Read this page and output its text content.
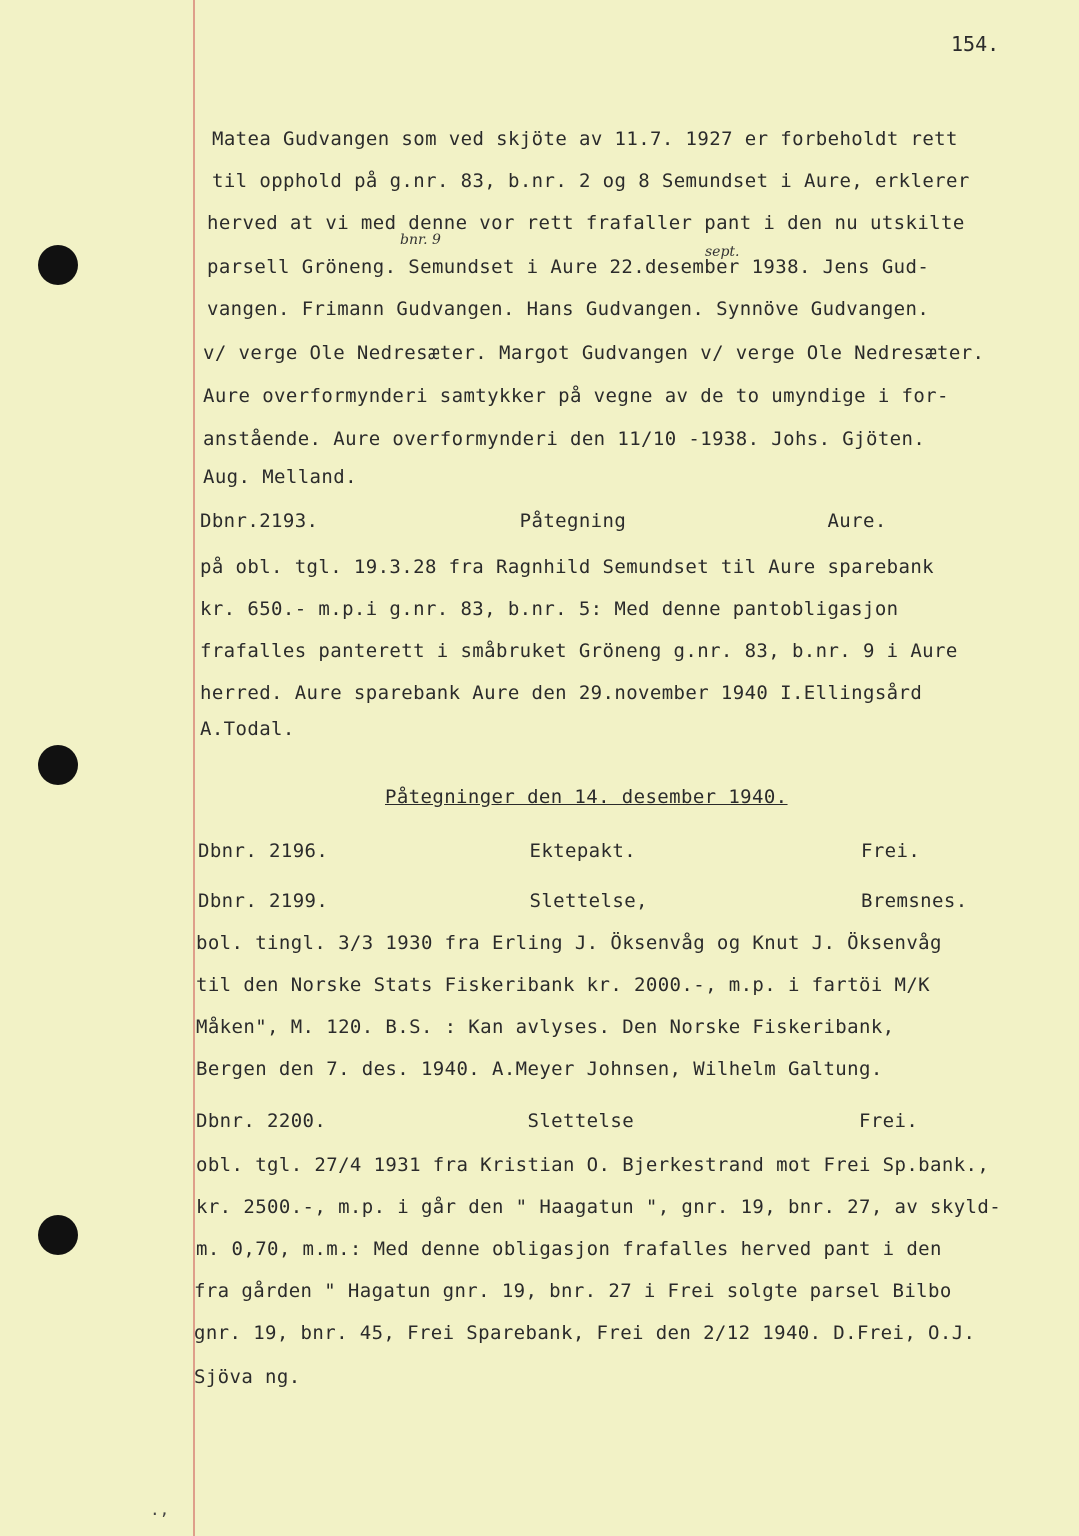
154.
bnr. 9
sept.
Matea Gudvangen som ved skjöte av 11.7. 1927 er forbeholdt rett
til opphold på g.nr. 83, b.nr. 2 og 8 Semundset i Aure, erklerer
herved at vi med denne vor rett frafaller pant i den nu utskilte
parsell Gröneng. Semundset i Aure 22.desember 1938. Jens Gud-
vangen. Frimann Gudvangen. Hans Gudvangen. Synnöve Gudvangen.
v/ verge Ole Nedresæter. Margot Gudvangen v/ verge Ole Nedresæter.
Aure overformynderi samtykker på vegne av de to umyndige i for-
anstående. Aure overformynderi den 11/10 -1938. Johs. Gjöten.
Aug. Melland.
Dbnr.2193.                 Påtegning                 Aure.
på obl. tgl. 19.3.28 fra Ragnhild Semundset til Aure sparebank
kr. 650.- m.p.i g.nr. 83, b.nr. 5: Med denne pantobligasjon
frafalles panterett i småbruket Gröneng g.nr. 83, b.nr. 9 i Aure
herred. Aure sparebank Aure den 29.november 1940 I.Ellingsård
A.Todal.
Påtegninger den 14. desember 1940.
Dbnr. 2196.                 Ektepakt.                   Frei.
Dbnr. 2199.                 Slettelse,                  Bremsnes.
bol. tingl. 3/3 1930 fra Erling J. Öksenvåg og Knut J. Öksenvåg
til den Norske Stats Fiskeribank kr. 2000.-, m.p. i fartöi M/K
Måken", M. 120. B.S. : Kan avlyses. Den Norske Fiskeribank,
Bergen den 7. des. 1940. A.Meyer Johnsen, Wilhelm Galtung.
Dbnr. 2200.                 Slettelse                   Frei.
obl. tgl. 27/4 1931 fra Kristian O. Bjerkestrand mot Frei Sp.bank.,
kr. 2500.-, m.p. i går den " Haagatun ", gnr. 19, bnr. 27, av skyld-
m. 0,70, m.m.: Med denne obligasjon frafalles herved pant i den
fra gården " Hagatun gnr. 19, bnr. 27 i Frei solgte parsel Bilbo
gnr. 19, bnr. 45, Frei Sparebank, Frei den 2/12 1940. D.Frei, O.J.
Sjöva ng.
.,
